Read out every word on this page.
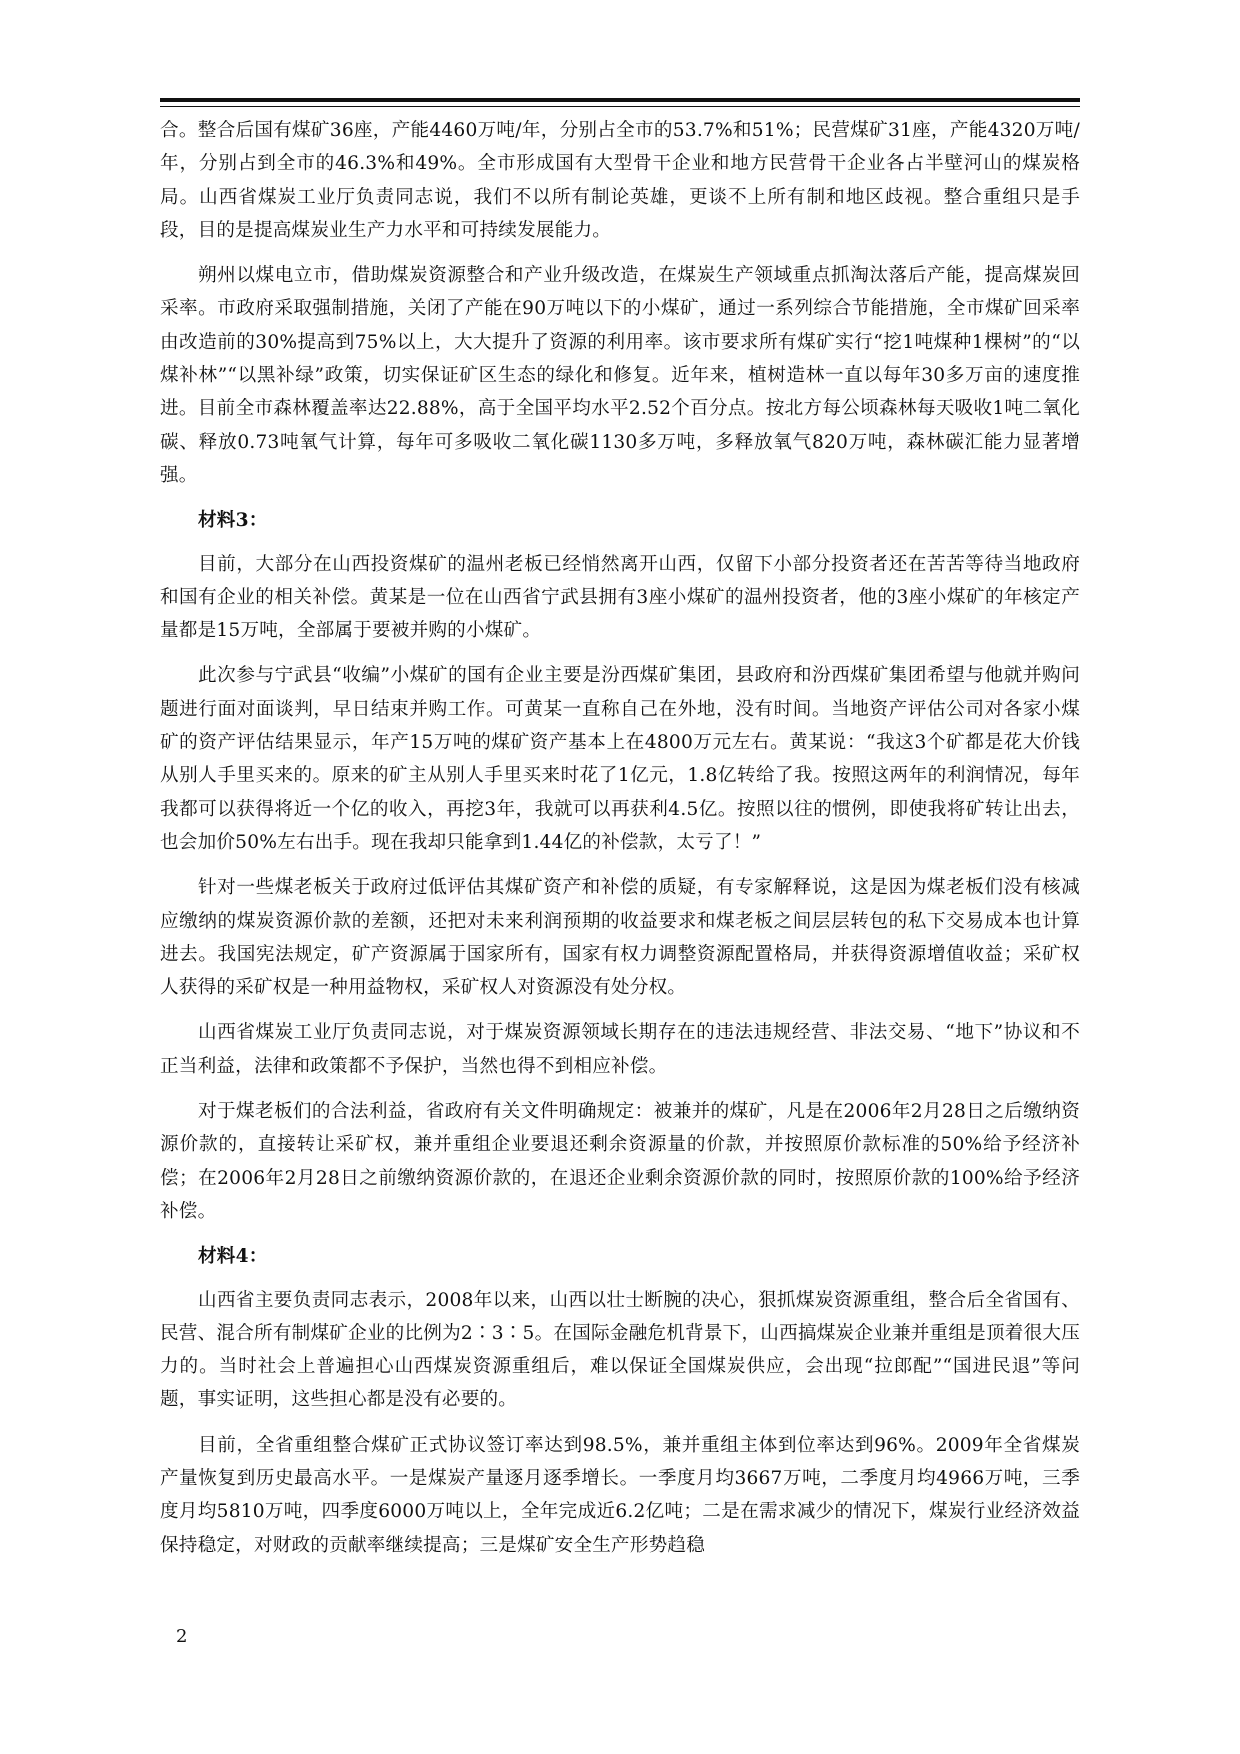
合。整合后国有煤矿36座，产能4460万吨/年，分别占全市的53.7%和51%；民营煤矿31座，产能4320万吨/年，分别占到全市的46.3%和49%。全市形成国有大型骨干企业和地方民营骨干企业各占半壁河山的煤炭格局。山西省煤炭工业厅负责同志说，我们不以所有制论英雄，更谈不上所有制和地区歧视。整合重组只是手段，目的是提高煤炭业生产力水平和可持续发展能力。

朔州以煤电立市，借助煤炭资源整合和产业升级改造，在煤炭生产领域重点抓淘汰落后产能，提高煤炭回采率。市政府采取强制措施，关闭了产能在90万吨以下的小煤矿，通过一系列综合节能措施，全市煤矿回采率由改造前的30%提高到75%以上，大大提升了资源的利用率。该市要求所有煤矿实行“挖1吨煤种1棵树”的“以煤补林”“以黑补绿”政策，切实保证矿区生态的绿化和修复。近年来，植树造林一直以每年30多万亩的速度推进。目前全市森林覆盖率达22.88%，高于全国平均水平2.52个百分点。按北方每公顷森林每天吸收1吨二氧化碳、释放0.73吨氧气计算，每年可多吸收二氧化碳1130多万吨，多释放氧气820万吨，森林碳汇能力显著增强。

材料3：

目前，大部分在山西投资煤矿的温州老板已经悄然离开山西，仅留下小部分投资者还在苦苦等待当地政府和国有企业的相关补偿。黄某是一位在山西省宁武县拥有3座小煤矿的温州投资者，他的3座小煤矿的年核定产量都是15万吨，全部属于要被并购的小煤矿。

此次参与宁武县“收编”小煤矿的国有企业主要是汾西煤矿集团，县政府和汾西煤矿集团希望与他就并购问题进行面对面谈判，早日结束并购工作。可黄某一直称自己在外地，没有时间。当地资产评估公司对各家小煤矿的资产评估结果显示，年产15万吨的煤矿资产基本上在4800万元左右。黄某说：“我这3个矿都是花大价钱从别人手里买来的。原来的矿主从别人手里买来时花了1亿元，1.8亿转给了我。按照这两年的利润情况，每年我都可以获得将近一个亿的收入，再挖3年，我就可以再获利4.5亿。按照以往的惯例，即使我将矿转让出去，也会加价50%左右出手。现在我却只能拿到1.44亿的补偿款，太亏了！”

针对一些煤老板关于政府过低评估其煤矿资产和补偿的质疑，有专家解释说，这是因为煤老板们没有核减应缴纳的煤炭资源价款的差额，还把对未来利润预期的收益要求和煤老板之间层层转包的私下交易成本也计算进去。我国宪法规定，矿产资源属于国家所有，国家有权力调整资源配置格局，并获得资源增值收益；采矿权人获得的采矿权是一种用益物权，采矿权人对资源没有处分权。

山西省煤炭工业厅负责同志说，对于煤炭资源领域长期存在的违法违规经营、非法交易、“地下”协议和不正当利益，法律和政策都不予保护，当然也得不到相应补偿。

对于煤老板们的合法利益，省政府有关文件明确规定：被兼并的煤矿，凡是在2006年2月28日之后缴纳资源价款的，直接转让采矿权，兼并重组企业要退还剩余资源量的价款，并按照原价款标准的50%给予经济补偿；在2006年2月28日之前缴纳资源价款的，在退还企业剩余资源价款的同时，按照原价款的100%给予经济补偿。

材料4：

山西省主要负责同志表示，2008年以来，山西以壮士断腕的决心，狠抓煤炭资源重组，整合后全省国有、民营、混合所有制煤矿企业的比例为2∶3∶5。在国际金融危机背景下，山西搞煤炭企业兼并重组是顶着很大压力的。当时社会上普遍担心山西煤炭资源重组后，难以保证全国煤炭供应，会出现“拉郎配”“国进民退”等问题，事实证明，这些担心都是没有必要的。

目前，全省重组整合煤矿正式协议签订率达到98.5%，兼并重组主体到位率达到96%。2009年全省煤炭产量恢复到历史最高水平。一是煤炭产量逐月逐季增长。一季度月均3667万吨，二季度月均4966万吨，三季度月均5810万吨，四季度6000万吨以上，全年完成近6.2亿吨；二是在需求减少的情况下，煤炭行业经济效益保持稳定，对财政的贡献率继续提高；三是煤矿安全生产形势趋稳

2
